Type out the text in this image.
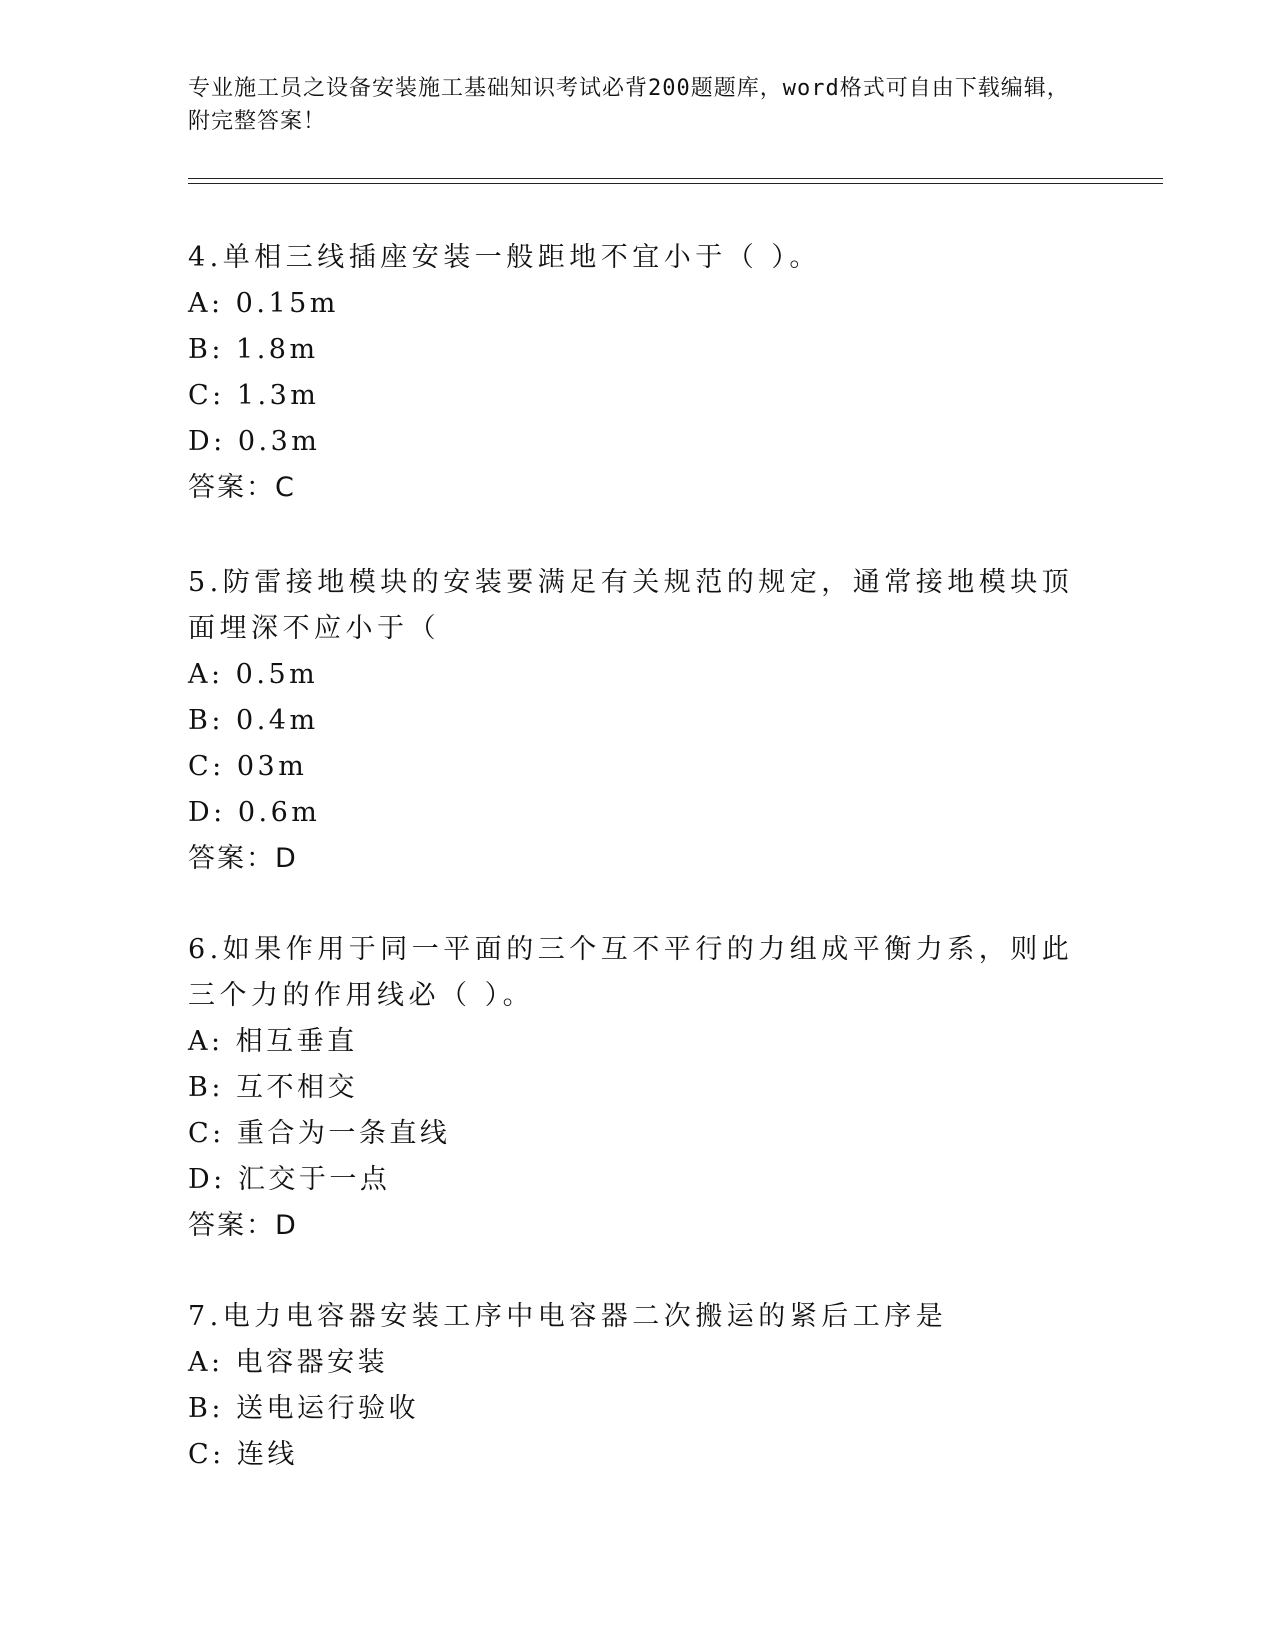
专业施工员之设备安装施工基础知识考试必背200题题库，word格式可自由下载编辑，附完整答案！

4.单相三线插座安装一般距地不宜小于（ ）。

A: 0.15m

B: 1.8m

C: 1.3m

D: 0.3m

答案：C

5.防雷接地模块的安装要满足有关规范的规定，通常接地模块顶面埋深不应小于（

A: 0.5m

B: 0.4m

C: 03m

D: 0.6m

答案：D

6.如果作用于同一平面的三个互不平行的力组成平衡力系，则此三个力的作用线必（ ）。

A: 相互垂直

B: 互不相交

C: 重合为一条直线

D: 汇交于一点

答案：D

7.电力电容器安装工序中电容器二次搬运的紧后工序是

A: 电容器安装

B: 送电运行验收

C: 连线
